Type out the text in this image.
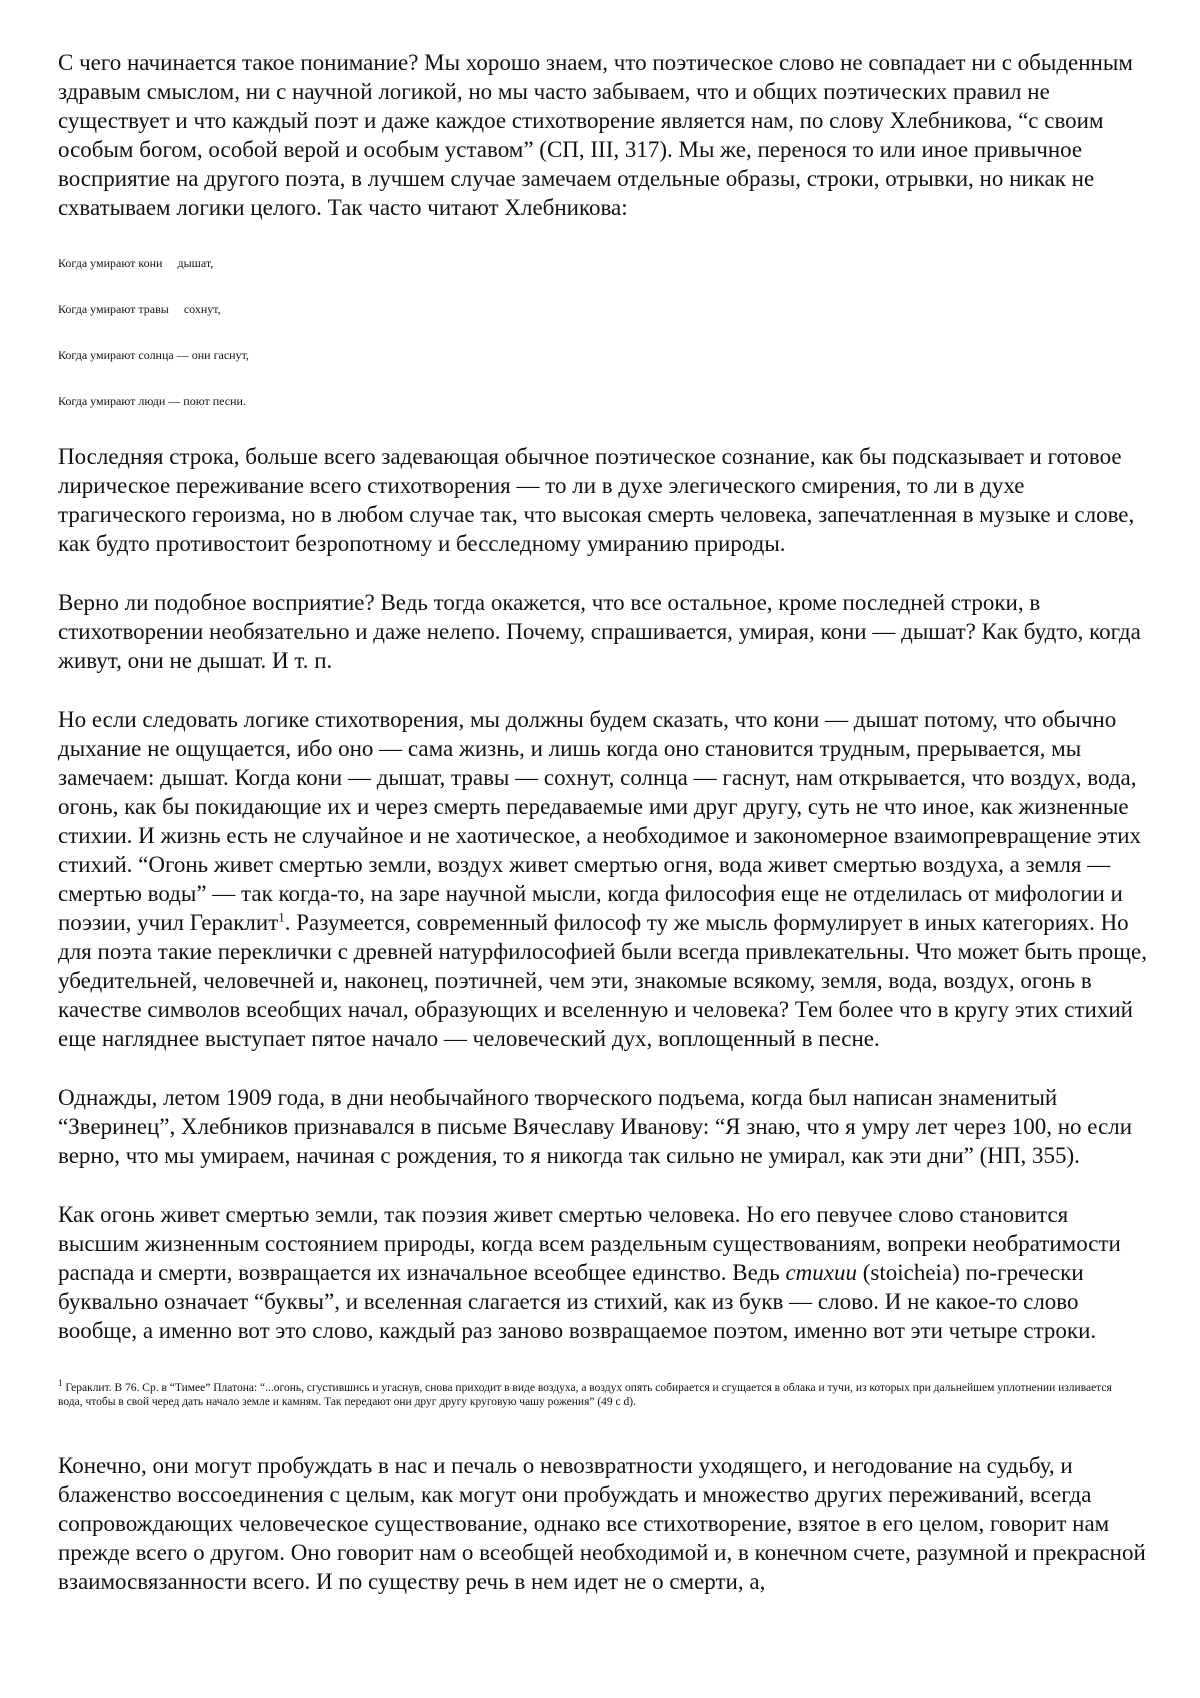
С чего начинается такое понимание? Мы хорошо знаем, что поэтическое слово не совпадает ни с обыденным здравым смыслом, ни с научной логикой, но мы часто забываем, что и общих поэтических правил не существует и что каждый поэт и даже каждое стихотворение является нам, по слову Хлебникова, “с своим особым богом, особой верой и особым уставом” (СП, III, 317). Мы же, перенося то или иное привычное восприятие на другого поэта, в лучшем случае замечаем отдельные образы, строки, отрывки, но никак не схватываем логики целого. Так часто читают Хлебникова:

Когда умирают кони     дышат,

Когда умирают травы     сохнут,

Когда умирают солнца — они гаснут,

Когда умирают люди — поют песни.

Последняя строка, больше всего задевающая обычное поэтическое сознание, как бы подсказывает и готовое лирическое переживание всего стихотворения — то ли в духе элегического смирения, то ли в духе трагического героизма, но в любом случае так, что высокая смерть человека, запечатленная в музыке и слове, как будто противостоит безропотному и бесследному умиранию природы.

Верно ли подобное восприятие? Ведь тогда окажется, что все остальное, кроме последней строки, в стихотворении необязательно и даже нелепо. Почему, спрашивается, умирая, кони — дышат? Как будто, когда живут, они не дышат. И т. п.

Но если следовать логике стихотворения, мы должны будем сказать, что кони — дышат потому, что обычно дыхание не ощущается, ибо оно — сама жизнь, и лишь когда оно становится трудным, прерывается, мы замечаем: дышат. Когда кони — дышат, травы — сохнут, солнца — гаснут, нам открывается, что воздух, вода, огонь, как бы покидающие их и через смерть передаваемые ими друг другу, суть не что иное, как жизненные стихии. И жизнь есть не случайное и не хаотическое, а необходимое и закономерное взаимопревращение этих стихий. “Огонь живет смертью земли, воздух живет смертью огня, вода живет смертью воздуха, а земля — смертью воды” — так когда-то, на заре научной мысли, когда философия еще не отделилась от мифологии и поэзии, учил Гераклит$^1$. Разумеется, современный философ ту же мысль формулирует в иных категориях. Но для поэта такие переклички с древней натурфилософией были всегда привлекательны. Что может быть проще, убедительней, человечней и, наконец, поэтичней, чем эти, знакомые всякому, земля, вода, воздух, огонь в качестве символов всеобщих начал, образующих и вселенную и человека? Тем более что в кругу этих стихий еще нагляднее выступает пятое начало — человеческий дух, воплощенный в песне.

Однажды, летом 1909 года, в дни необычайного творческого подъема, когда был написан знаменитый “Зверинец”, Хлебников признавался в письме Вячеславу Иванову: “Я знаю, что я умру лет через 100, но если верно, что мы умираем, начиная с рождения, то я никогда так сильно не умирал, как эти дни” (НП, 355).

Как огонь живет смертью земли, так поэзия живет смертью человека. Но его певучее слово становится высшим жизненным состоянием природы, когда всем раздельным существованиям, вопреки необратимости распада и смерти, возвращается их изначальное всеобщее единство. Ведь стихии (stoicheia) по-гречески буквально означает “буквы”, и вселенная слагается из стихий, как из букв — слово. И не какое-то слово вообще, а именно вот это слово, каждый раз заново возвращаемое поэтом, именно вот эти четыре строки.

$^1$ Гераклит. В 76. Ср. в “Тимее” Платона: “...огонь, сгустившись и угаснув, снова приходит в виде воздуха, а воздух опять собирается и сгущается в облака и тучи, из которых при дальнейшем уплотнении изливается вода, чтобы в свой черед дать начало земле и камням. Так передают они друг другу круговую чашу рожения” (49 с d).

Конечно, они могут пробуждать в нас и печаль о невозвратности уходящего, и негодование на судьбу, и блаженство воссоединения с целым, как могут они пробуждать и множество других переживаний, всегда сопровождающих человеческое существование, однако все стихотворение, взятое в его целом, говорит нам прежде всего о другом. Оно говорит нам о всеобщей необходимой и, в конечном счете, разумной и прекрасной взаимосвязанности всего. И по существу речь в нем идет не о смерти, а,
